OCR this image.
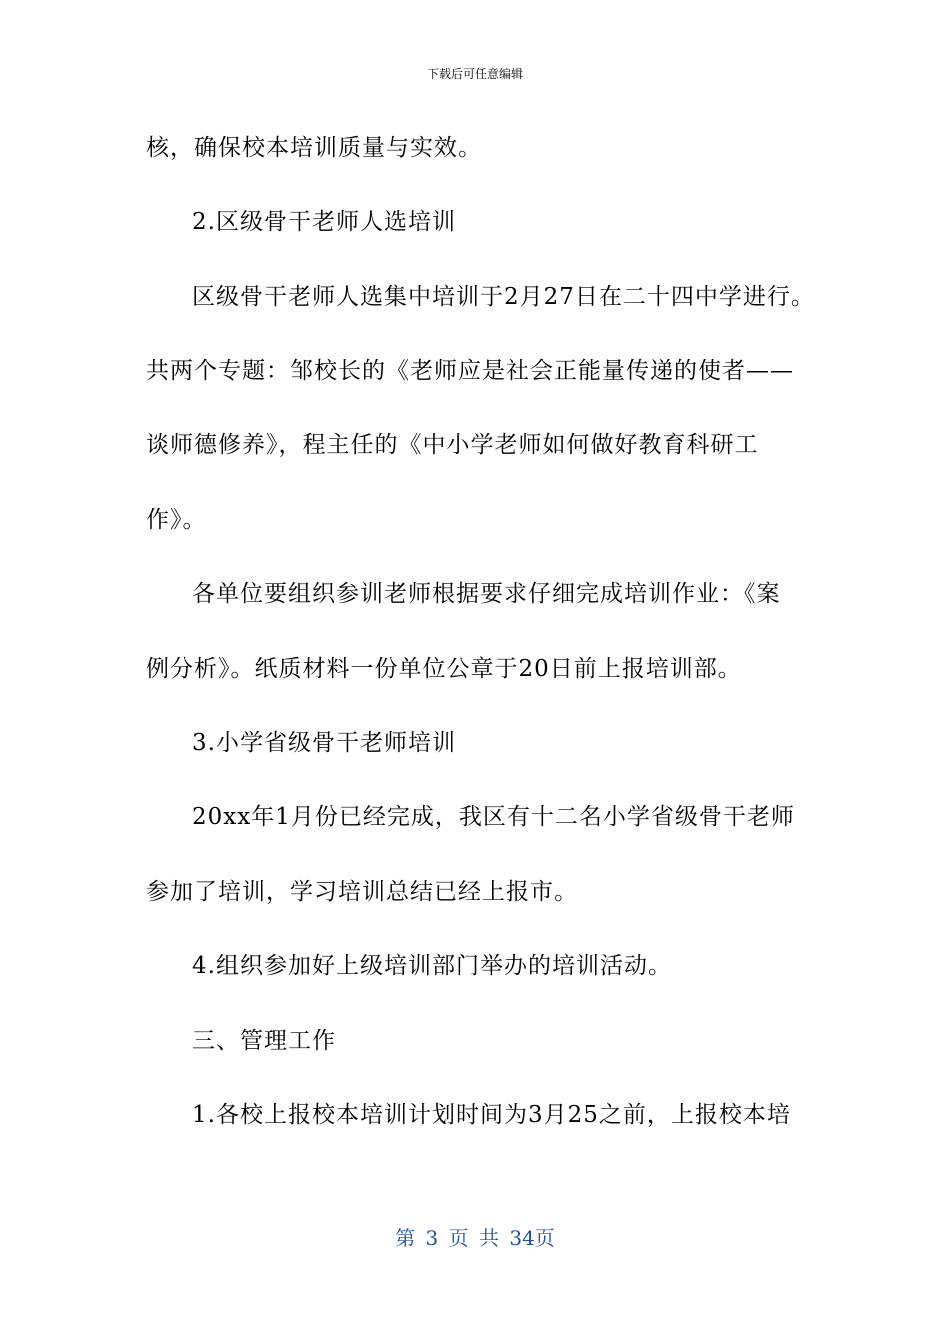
下载后可任意编辑
核，确保校本培训质量与实效。
2.区级骨干老师人选培训
区级骨干老师人选集中培训于2月27日在二十四中学进行。
共两个专题：邹校长的《老师应是社会正能量传递的使者——
谈师德修养》，程主任的《中小学老师如何做好教育科研工
作》。
各单位要组织参训老师根据要求仔细完成培训作业：《案
例分析》。纸质材料一份单位公章于20日前上报培训部。
3.小学省级骨干老师培训
20xx年1月份已经完成，我区有十二名小学省级骨干老师
参加了培训，学习培训总结已经上报市。
4.组织参加好上级培训部门举办的培训活动。
三、管理工作
1.各校上报校本培训计划时间为3月25之前，上报校本培
第 3 页 共 34页
